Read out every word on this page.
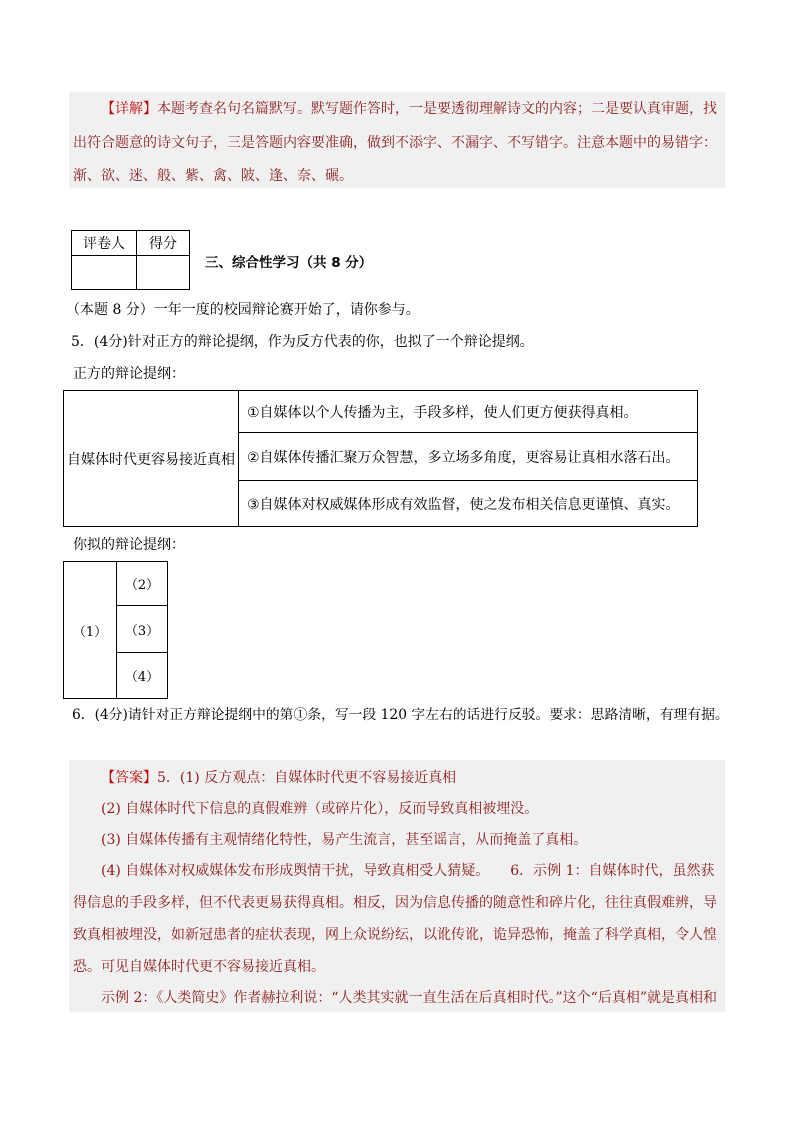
【详解】本题考查名句名篇默写。默写题作答时，一是要透彻理解诗文的内容；二是要认真审题，找
出符合题意的诗文句子，三是答题内容要准确，做到不添字、不漏字、不写错字。注意本题中的易错字：
渐、欲、迷、般、紫、禽、陂、逢、奈、碾。
评卷人	得分

三、综合性学习（共 8 分）
（本题 8 分）一年一度的校园辩论赛开始了，请你参与。
5．(4分)针对正方的辩论提纲，作为反方代表的你，也拟了一个辩论提纲。
正方的辩论提纲：
自媒体时代更容易接近真相	①自媒体以个人传播为主，手段多样，使人们更方便获得真相。
②自媒体传播汇聚万众智慧，多立场多角度，更容易让真相水落石出。
③自媒体对权威媒体形成有效监督，使之发布相关信息更谨慎、真实。
你拟的辩论提纲：
（1）	（2）
（3）
（4）
6．(4分)请针对正方辩论提纲中的第①条，写一段 120 字左右的话进行反驳。要求：思路清晰，有理有据。
【答案】5．(1) 反方观点：自媒体时代更不容易接近真相
(2) 自媒体时代下信息的真假难辨（或碎片化），反而导致真相被埋没。
(3) 自媒体传播有主观情绪化特性，易产生流言，甚至谣言，从而掩盖了真相。
(4) 自媒体对权威媒体发布形成舆情干扰，导致真相受人猜疑。　　6．示例 1：自媒体时代，虽然获
得信息的手段多样，但不代表更易获得真相。相反，因为信息传播的随意性和碎片化，往往真假难辨，导
致真相被埋没，如新冠患者的症状表现，网上众说纷纭，以讹传讹，诡异恐怖，掩盖了科学真相，令人惶
恐。可见自媒体时代更不容易接近真相。
示例 2：《人类简史》作者赫拉利说：“人类其实就一直生活在后真相时代。”这个“后真相”就是真相和
